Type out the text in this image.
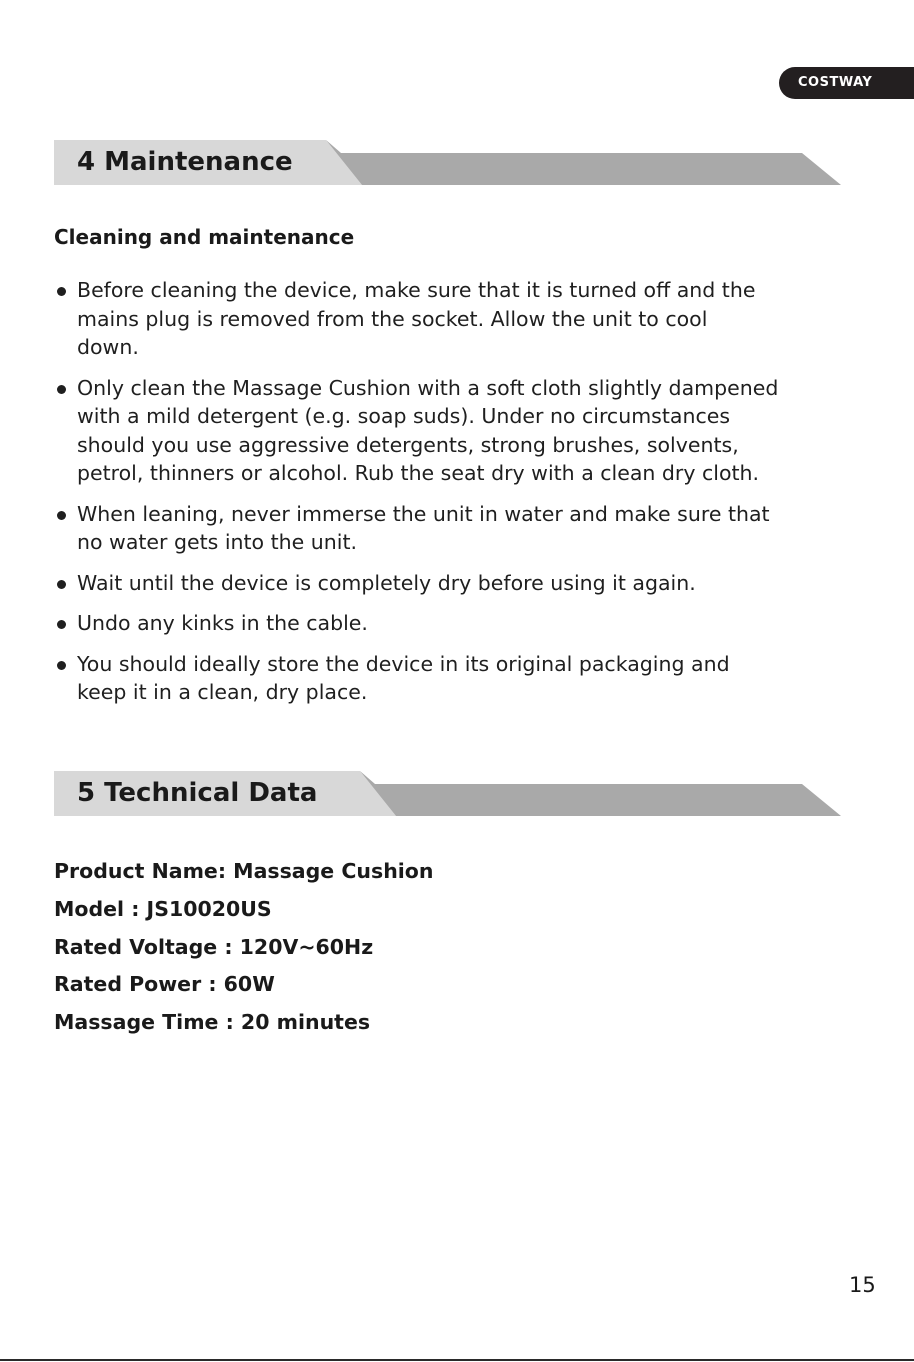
COSTWAY
4 Maintenance
Cleaning and maintenance
Before cleaning the device, make sure that it is turned off and the
mains plug is removed from the socket. Allow the unit to cool
down.
Only clean the Massage Cushion with a soft cloth slightly dampened
with a mild detergent (e.g. soap suds). Under no circumstances
should you use aggressive detergents, strong brushes, solvents,
petrol, thinners or alcohol. Rub the seat dry with a clean dry cloth.
When leaning, never immerse the unit in water and make sure that
no water gets into the unit.
Wait until the device is completely dry before using it again.
Undo any kinks in the cable.
You should ideally store the device in its original packaging and
keep it in a clean, dry place.
5 Technical Data
Product Name: Massage Cushion
Model : JS10020US
Rated Voltage : 120V~60Hz
Rated Power : 60W
Massage Time : 20 minutes
15
